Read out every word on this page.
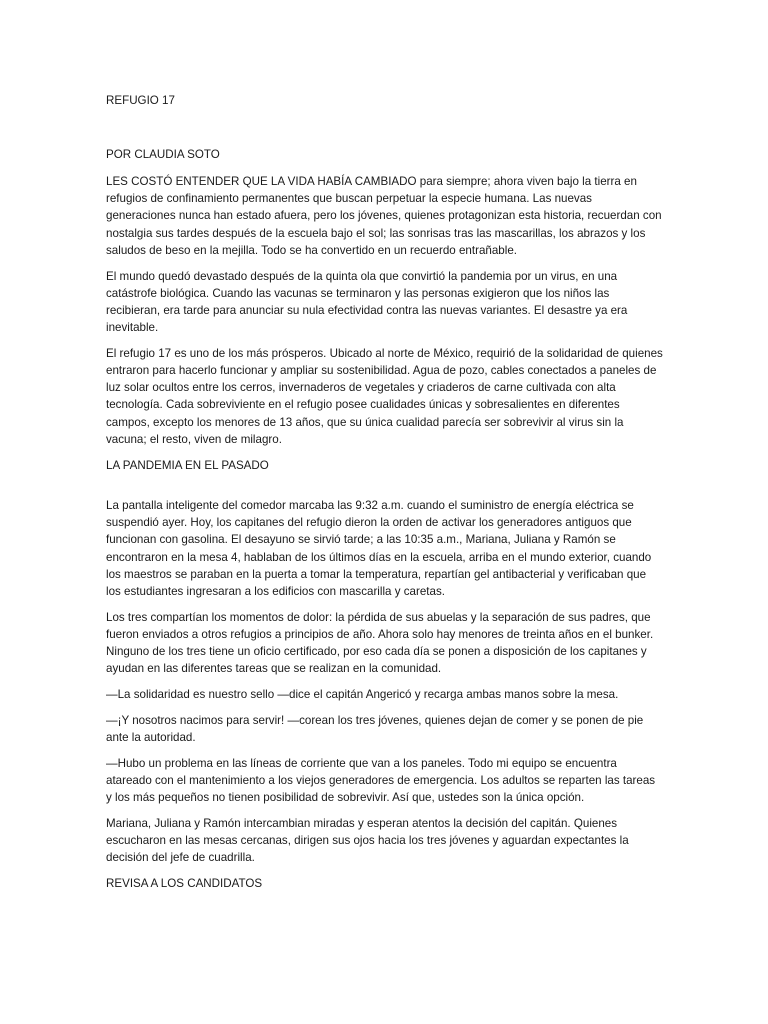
REFUGIO 17
POR CLAUDIA SOTO

LES COSTÓ ENTENDER QUE LA VIDA HABÍA CAMBIADO para siempre; ahora viven bajo la tierra en refugios de confinamiento permanentes que buscan perpetuar la especie humana. Las nuevas generaciones nunca han estado afuera, pero los jóvenes, quienes protagonizan esta historia, recuerdan con nostalgia sus tardes después de la escuela bajo el sol; las sonrisas tras las mascarillas, los abrazos y los saludos de beso en la mejilla. Todo se ha convertido en un recuerdo entrañable.

El mundo quedó devastado después de la quinta ola que convirtió la pandemia por un virus, en una catástrofe biológica. Cuando las vacunas se terminaron y las personas exigieron que los niños las recibieran, era tarde para anunciar su nula efectividad contra las nuevas variantes. El desastre ya era inevitable.

El refugio 17 es uno de los más prósperos. Ubicado al norte de México, requirió de la solidaridad de quienes entraron para hacerlo funcionar y ampliar su sostenibilidad. Agua de pozo, cables conectados a paneles de luz solar ocultos entre los cerros, invernaderos de vegetales y criaderos de carne cultivada con alta tecnología. Cada sobreviviente en el refugio posee cualidades únicas y sobresalientes en diferentes campos, excepto los menores de 13 años, que su única cualidad parecía ser sobrevivir al virus sin la vacuna; el resto, viven de milagro.

LA PANDEMIA EN EL PASADO

La pantalla inteligente del comedor marcaba las 9:32 a.m. cuando el suministro de energía eléctrica se suspendió ayer. Hoy, los capitanes del refugio dieron la orden de activar los generadores antiguos que funcionan con gasolina. El desayuno se sirvió tarde; a las 10:35 a.m., Mariana, Juliana y Ramón se encontraron en la mesa 4, hablaban de los últimos días en la escuela, arriba en el mundo exterior, cuando los maestros se paraban en la puerta a tomar la temperatura, repartían gel antibacterial y verificaban que los estudiantes ingresaran a los edificios con mascarilla y caretas.

Los tres compartían los momentos de dolor: la pérdida de sus abuelas y la separación de sus padres, que fueron enviados a otros refugios a principios de año. Ahora solo hay menores de treinta años en el bunker. Ninguno de los tres tiene un oficio certificado, por eso cada día se ponen a disposición de los capitanes y ayudan en las diferentes tareas que se realizan en la comunidad.

—La solidaridad es nuestro sello —dice el capitán Angericó y recarga ambas manos sobre la mesa.

—¡Y nosotros nacimos para servir! —corean los tres jóvenes, quienes dejan de comer y se ponen de pie ante la autoridad.

—Hubo un problema en las líneas de corriente que van a los paneles. Todo mi equipo se encuentra atareado con el mantenimiento a los viejos generadores de emergencia. Los adultos se reparten las tareas y los más pequeños no tienen posibilidad de sobrevivir. Así que, ustedes son la única opción.

Mariana, Juliana y Ramón intercambian miradas y esperan atentos la decisión del capitán. Quienes escucharon en las mesas cercanas, dirigen sus ojos hacia los tres jóvenes y aguardan expectantes la decisión del jefe de cuadrilla.

REVISA A LOS CANDIDATOS
